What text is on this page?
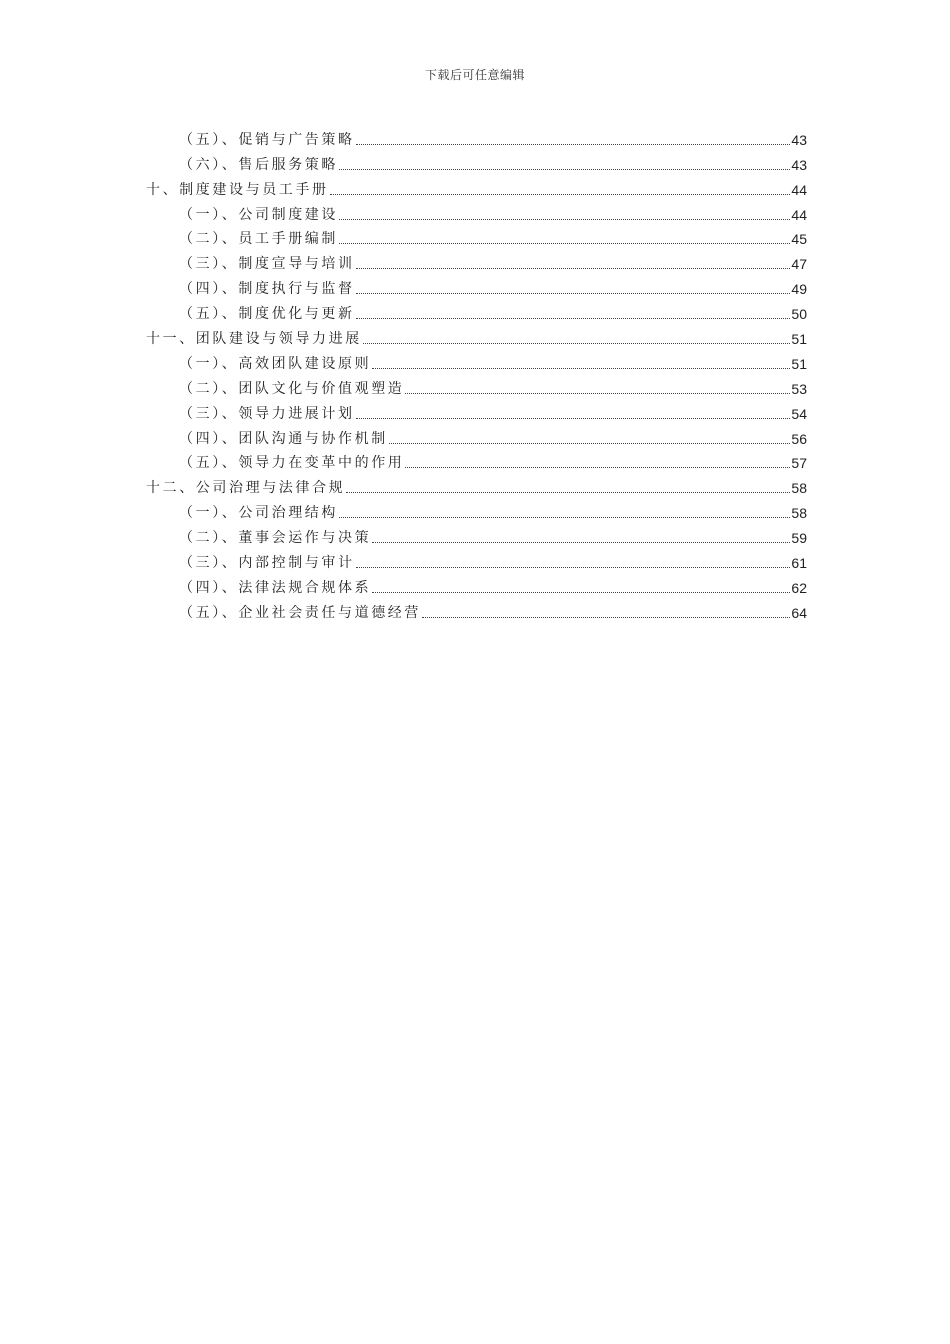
下载后可任意编辑
（五）、促销与广告策略	43
（六）、售后服务策略	43
十、制度建设与员工手册	44
（一）、公司制度建设	44
（二）、员工手册编制	45
（三）、制度宣导与培训	47
（四）、制度执行与监督	49
（五）、制度优化与更新	50
十一、团队建设与领导力进展	51
（一）、高效团队建设原则	51
（二）、团队文化与价值观塑造	53
（三）、领导力进展计划	54
（四）、团队沟通与协作机制	56
（五）、领导力在变革中的作用	57
十二、公司治理与法律合规	58
（一）、公司治理结构	58
（二）、董事会运作与决策	59
（三）、内部控制与审计	61
（四）、法律法规合规体系	62
（五）、企业社会责任与道德经营	64
